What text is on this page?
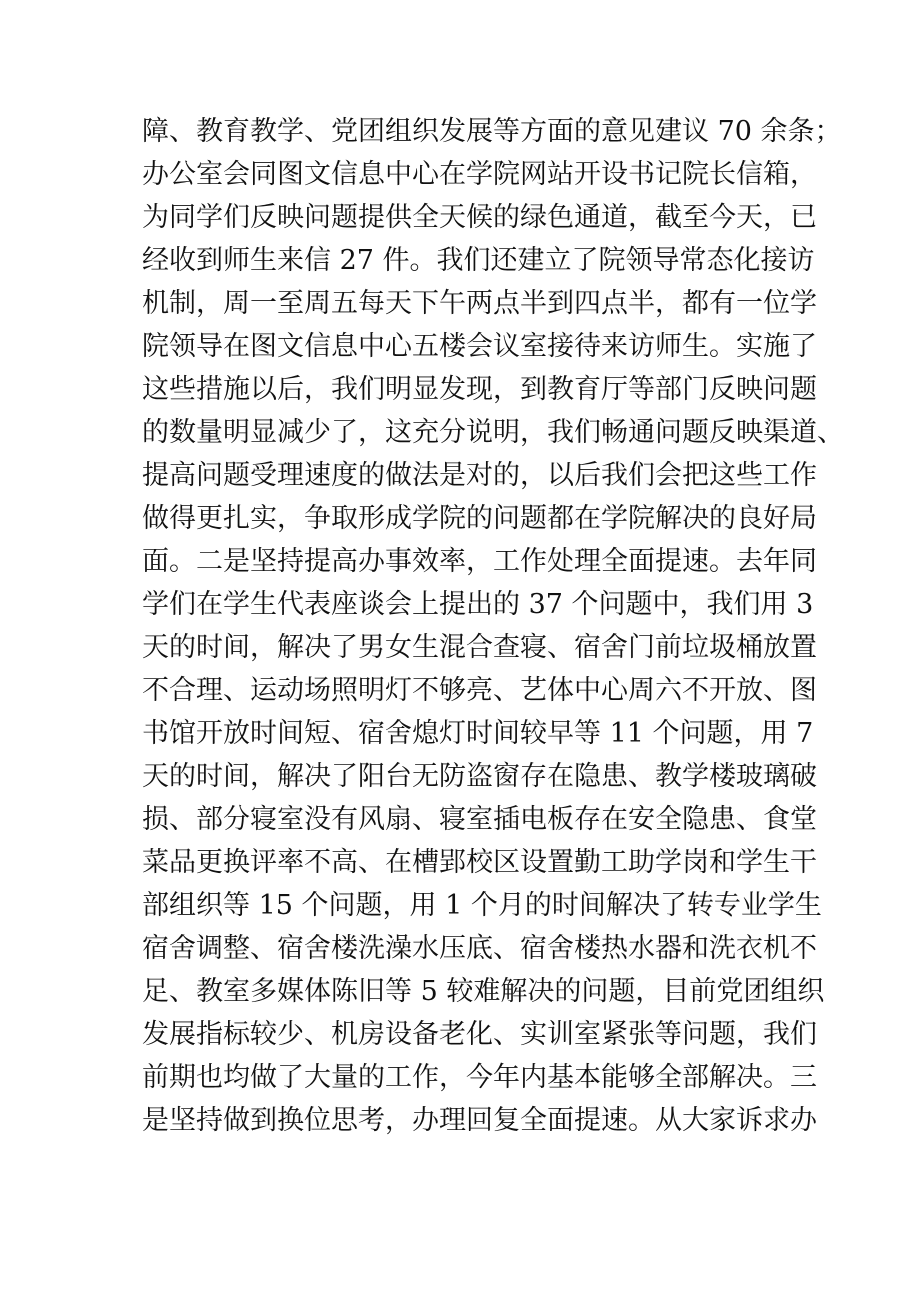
障、教育教学、党团组织发展等方面的意见建议 70 余条；
办公室会同图文信息中心在学院网站开设书记院长信箱，
为同学们反映问题提供全天候的绿色通道，截至今天，已
经收到师生来信 27 件。我们还建立了院领导常态化接访
机制，周一至周五每天下午两点半到四点半，都有一位学
院领导在图文信息中心五楼会议室接待来访师生。实施了
这些措施以后，我们明显发现，到教育厅等部门反映问题
的数量明显减少了，这充分说明，我们畅通问题反映渠道、
提高问题受理速度的做法是对的，以后我们会把这些工作
做得更扎实，争取形成学院的问题都在学院解决的良好局
面。二是坚持提高办事效率，工作处理全面提速。去年同
学们在学生代表座谈会上提出的 37 个问题中，我们用 3
天的时间，解决了男女生混合查寝、宿舍门前垃圾桶放置
不合理、运动场照明灯不够亮、艺体中心周六不开放、图
书馆开放时间短、宿舍熄灯时间较早等 11 个问题，用 7
天的时间，解决了阳台无防盗窗存在隐患、教学楼玻璃破
损、部分寝室没有风扇、寝室插电板存在安全隐患、食堂
菜品更换评率不高、在槽郢校区设置勤工助学岗和学生干
部组织等 15 个问题，用 1 个月的时间解决了转专业学生
宿舍调整、宿舍楼洗澡水压底、宿舍楼热水器和洗衣机不
足、教室多媒体陈旧等 5 较难解决的问题，目前党团组织
发展指标较少、机房设备老化、实训室紧张等问题，我们
前期也均做了大量的工作，今年内基本能够全部解决。三
是坚持做到换位思考，办理回复全面提速。从大家诉求办
